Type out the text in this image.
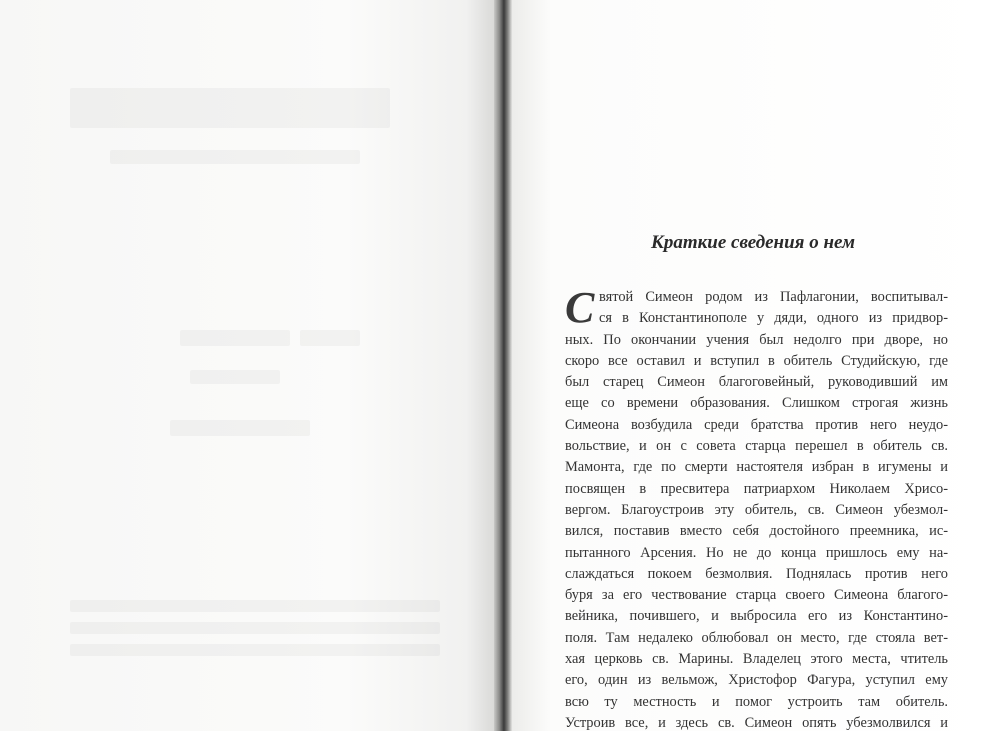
Краткие сведения о нем
С вятой Симеон родом из Пафлагонии, воспитывал-
ся в Константинополе у дяди, одного из придвор-
ных. По окончании учения был недолго при дворе, но
скоро все оставил и вступил в обитель Студийскую, где
был старец Симеон благоговейный, руководивший им
еще со времени образования. Слишком строгая жизнь
Симеона возбудила среди братства против него неудо-
вольствие, и он с совета старца перешел в обитель св.
Мамонта, где по смерти настоятеля избран в игумены и
посвящен в пресвитера патриархом Николаем Хрисо-
вергом. Благоустроив эту обитель, св. Симеон убезмол-
вился, поставив вместо себя достойного преемника, ис-
пытанного Арсения. Но не до конца пришлось ему на-
слаждаться покоем безмолвия. Поднялась против него
буря за его чествование старца своего Симеона благого-
вейника, почившего, и выбросила его из Константино-
поля. Там недалеко облюбовал он место, где стояла вет-
хая церковь св. Марины. Владелец этого места, чтитель
его, один из вельмож, Христофор Фагура, уступил ему
всю ту местность и помог устроить там обитель.
Устроив все, и здесь св. Симеон опять убезмолвился и
